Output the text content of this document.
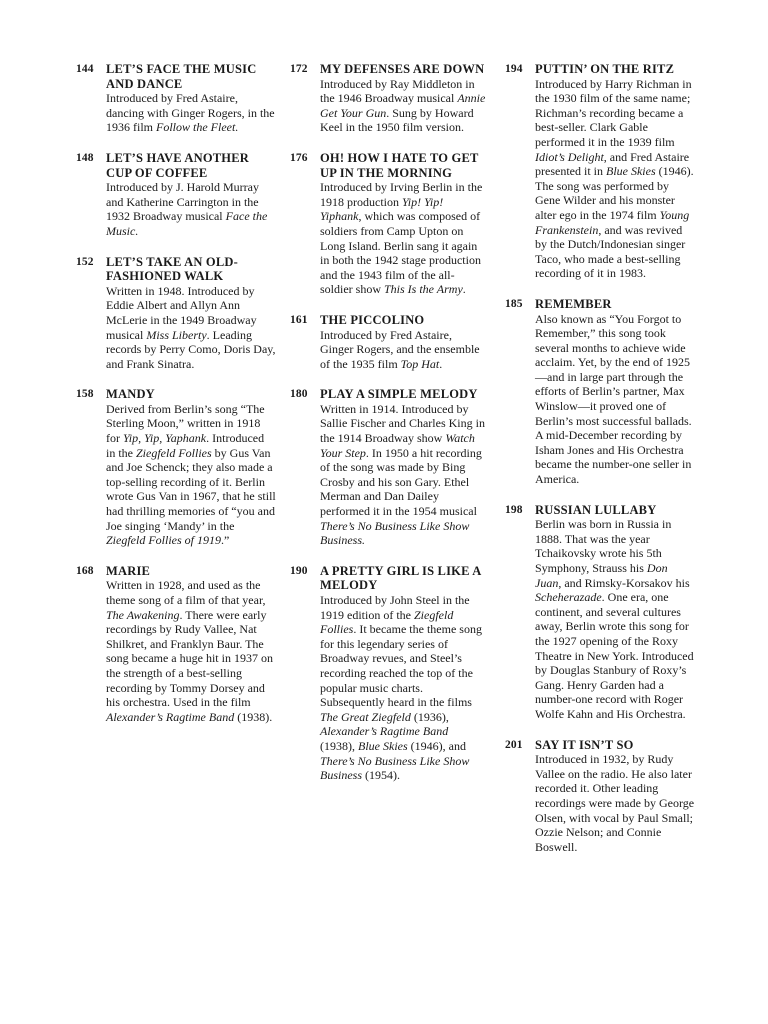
144 LET’S FACE THE MUSIC AND DANCE
Introduced by Fred Astaire, dancing with Ginger Rogers, in the 1936 film Follow the Fleet.
148 LET’S HAVE ANOTHER CUP OF COFFEE
Introduced by J. Harold Murray and Katherine Carrington in the 1932 Broadway musical Face the Music.
152 LET’S TAKE AN OLD-FASHIONED WALK
Written in 1948. Introduced by Eddie Albert and Allyn Ann McLerie in the 1949 Broadway musical Miss Liberty. Leading records by Perry Como, Doris Day, and Frank Sinatra.
158 MANDY
Derived from Berlin’s song “The Sterling Moon,” written in 1918 for Yip, Yip, Yaphank. Introduced in the Ziegfeld Follies by Gus Van and Joe Schenck; they also made a top-selling recording of it. Berlin wrote Gus Van in 1967, that he still had thrilling memories of “you and Joe singing ‘Mandy’ in the Ziegfeld Follies of 1919.”
168 MARIE
Written in 1928, and used as the theme song of a film of that year, The Awakening. There were early recordings by Rudy Vallee, Nat Shilkret, and Franklyn Baur. The song became a huge hit in 1937 on the strength of a best-selling recording by Tommy Dorsey and his orchestra. Used in the film Alexander’s Ragtime Band (1938).
172 MY DEFENSES ARE DOWN
Introduced by Ray Middleton in the 1946 Broadway musical Annie Get Your Gun. Sung by Howard Keel in the 1950 film version.
176 OH! HOW I HATE TO GET UP IN THE MORNING
Introduced by Irving Berlin in the 1918 production Yip! Yip! Yiphank, which was composed of soldiers from Camp Upton on Long Island. Berlin sang it again in both the 1942 stage production and the 1943 film of the all-soldier show This Is the Army.
161 THE PICCOLINO
Introduced by Fred Astaire, Ginger Rogers, and the ensemble of the 1935 film Top Hat.
180 PLAY A SIMPLE MELODY
Written in 1914. Introduced by Sallie Fischer and Charles King in the 1914 Broadway show Watch Your Step. In 1950 a hit recording of the song was made by Bing Crosby and his son Gary. Ethel Merman and Dan Dailey performed it in the 1954 musical There’s No Business Like Show Business.
190 A PRETTY GIRL IS LIKE A MELODY
Introduced by John Steel in the 1919 edition of the Ziegfeld Follies. It became the theme song for this legendary series of Broadway revues, and Steel’s recording reached the top of the popular music charts. Subsequently heard in the films The Great Ziegfeld (1936), Alexander’s Ragtime Band (1938), Blue Skies (1946), and There’s No Business Like Show Business (1954).
194 PUTTIN’ ON THE RITZ
Introduced by Harry Richman in the 1930 film of the same name; Richman’s recording became a best-seller. Clark Gable performed it in the 1939 film Idiot’s Delight, and Fred Astaire presented it in Blue Skies (1946). The song was performed by Gene Wilder and his monster alter ego in the 1974 film Young Frankenstein, and was revived by the Dutch/Indonesian singer Taco, who made a best-selling recording of it in 1983.
185 REMEMBER
Also known as “You Forgot to Remember,” this song took several months to achieve wide acclaim. Yet, by the end of 1925—and in large part through the efforts of Berlin’s partner, Max Winslow—it proved one of Berlin’s most successful ballads. A mid-December recording by Isham Jones and His Orchestra became the number-one seller in America.
198 RUSSIAN LULLABY
Berlin was born in Russia in 1888. That was the year Tchaikovsky wrote his 5th Symphony, Strauss his Don Juan, and Rimsky-Korsakov his Scheherazade. One era, one continent, and several cultures away, Berlin wrote this song for the 1927 opening of the Roxy Theatre in New York. Introduced by Douglas Stanbury of Roxy’s Gang. Henry Garden had a number-one record with Roger Wolfe Kahn and His Orchestra.
201 SAY IT ISN’T SO
Introduced in 1932, by Rudy Vallee on the radio. He also later recorded it. Other leading recordings were made by George Olsen, with vocal by Paul Small; Ozzie Nelson; and Connie Boswell.
